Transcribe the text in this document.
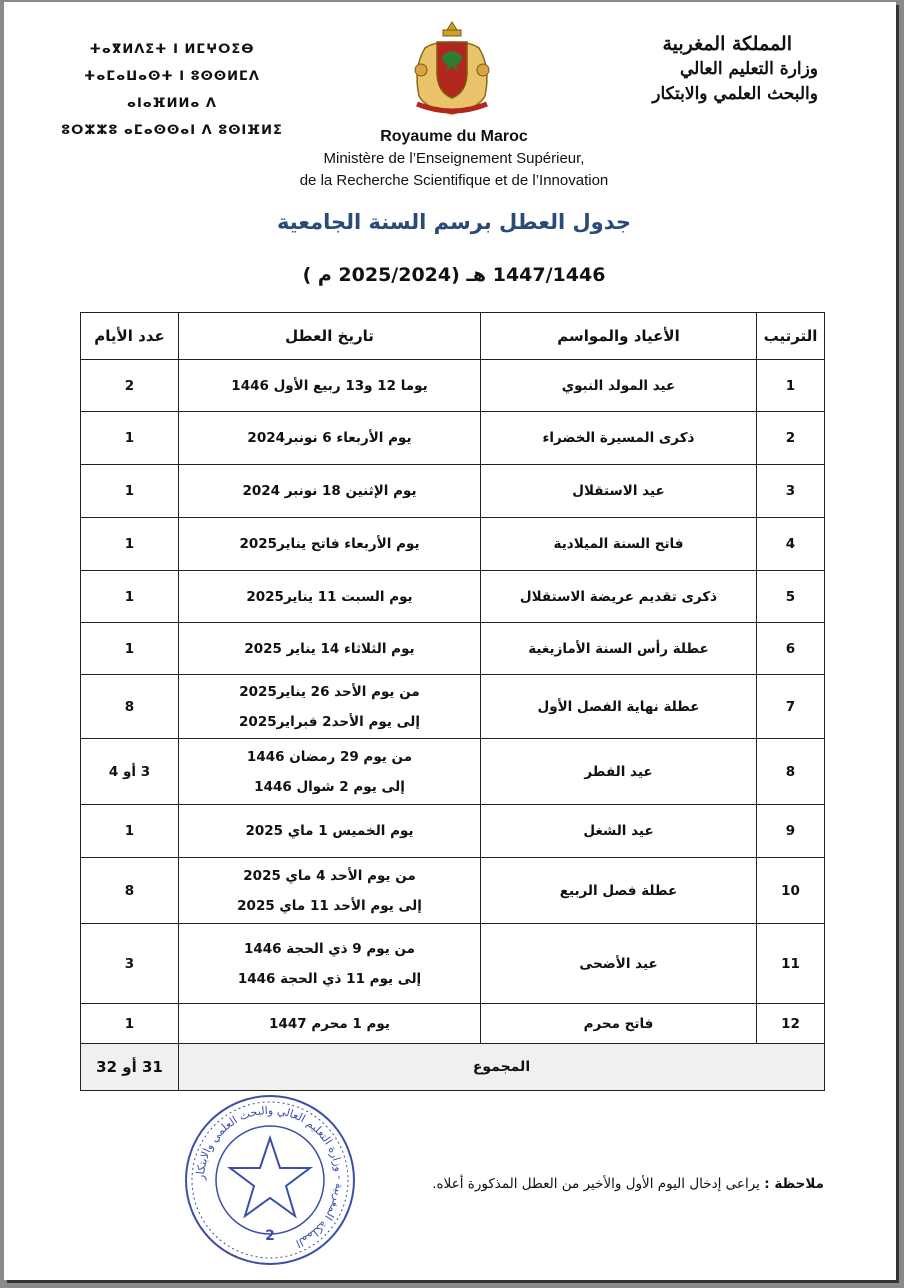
المملكة المغربية
وزارة التعليم العالي
والبحث العلمي والابتكار
ⵜⴰⴳⵍⴷⵉⵜ ⵏ ⵍⵎⵖⵔⵉⴱ
ⵜⴰⵎⴰⵡⴰⵙⵜ ⵏ ⵓⵙⵙⵍⵎⴷ ⴰⵏⴰⴼⵍⵍⴰ ⴷ
ⵓⵔⵣⵣⵓ ⴰⵎⴰⵙⵙⴰⵏ ⴷ ⵓⵙⵏⴼⵍⵉ	Royaume du Maroc
Ministère de l’Enseignement Supérieur,
de la Recherche Scientifique et de l’Innovation
جدول العطل برسم السنة الجامعية
1447/1446 هـ (2025/2024 م )
الترتيب	الأعياد والمواسم	تاريخ العطل	عدد الأيام
1	عيد المولد النبوي	يوما 12 و13 ربيع الأول 1446	2
2	ذكرى المسيرة الخضراء	يوم الأربعاء 6 نونبر2024	1
3	عيد الاستقلال	يوم الإثنين 18 نونبر 2024	1
4	فاتح السنة الميلادية	يوم الأربعاء فاتح يناير2025	1
5	ذكرى تقديم عريضة الاستقلال	يوم السبت 11 يناير2025	1
6	عطلة رأس السنة الأمازيغية	يوم الثلاثاء 14 يناير 2025	1
7	عطلة نهاية الفصل الأول	من يوم الأحد 26 يناير2025
إلى يوم الأحد2 فبراير2025	8
8	عيد الفطر	من يوم 29 رمضان 1446
إلى يوم 2 شوال 1446	3 أو 4
9	عيد الشغل	يوم الخميس 1 ماي 2025	1
10	عطلة فصل الربيع	من يوم الأحد 4 ماي 2025
إلى يوم الأحد 11 ماي 2025	8
11	عيد الأضحى	من يوم 9 ذي الحجة 1446
إلى يوم 11 ذي الحجة 1446	3
12	فاتح محرم	يوم 1 محرم 1447	1
المجموع			31 أو 32
المملكة المغربية - وزارة التعليم العالي والبحث العلمي والابتكار
2
ملاحظة : يراعى إدخال اليوم الأول والأخير من العطل المذكورة أعلاه.
